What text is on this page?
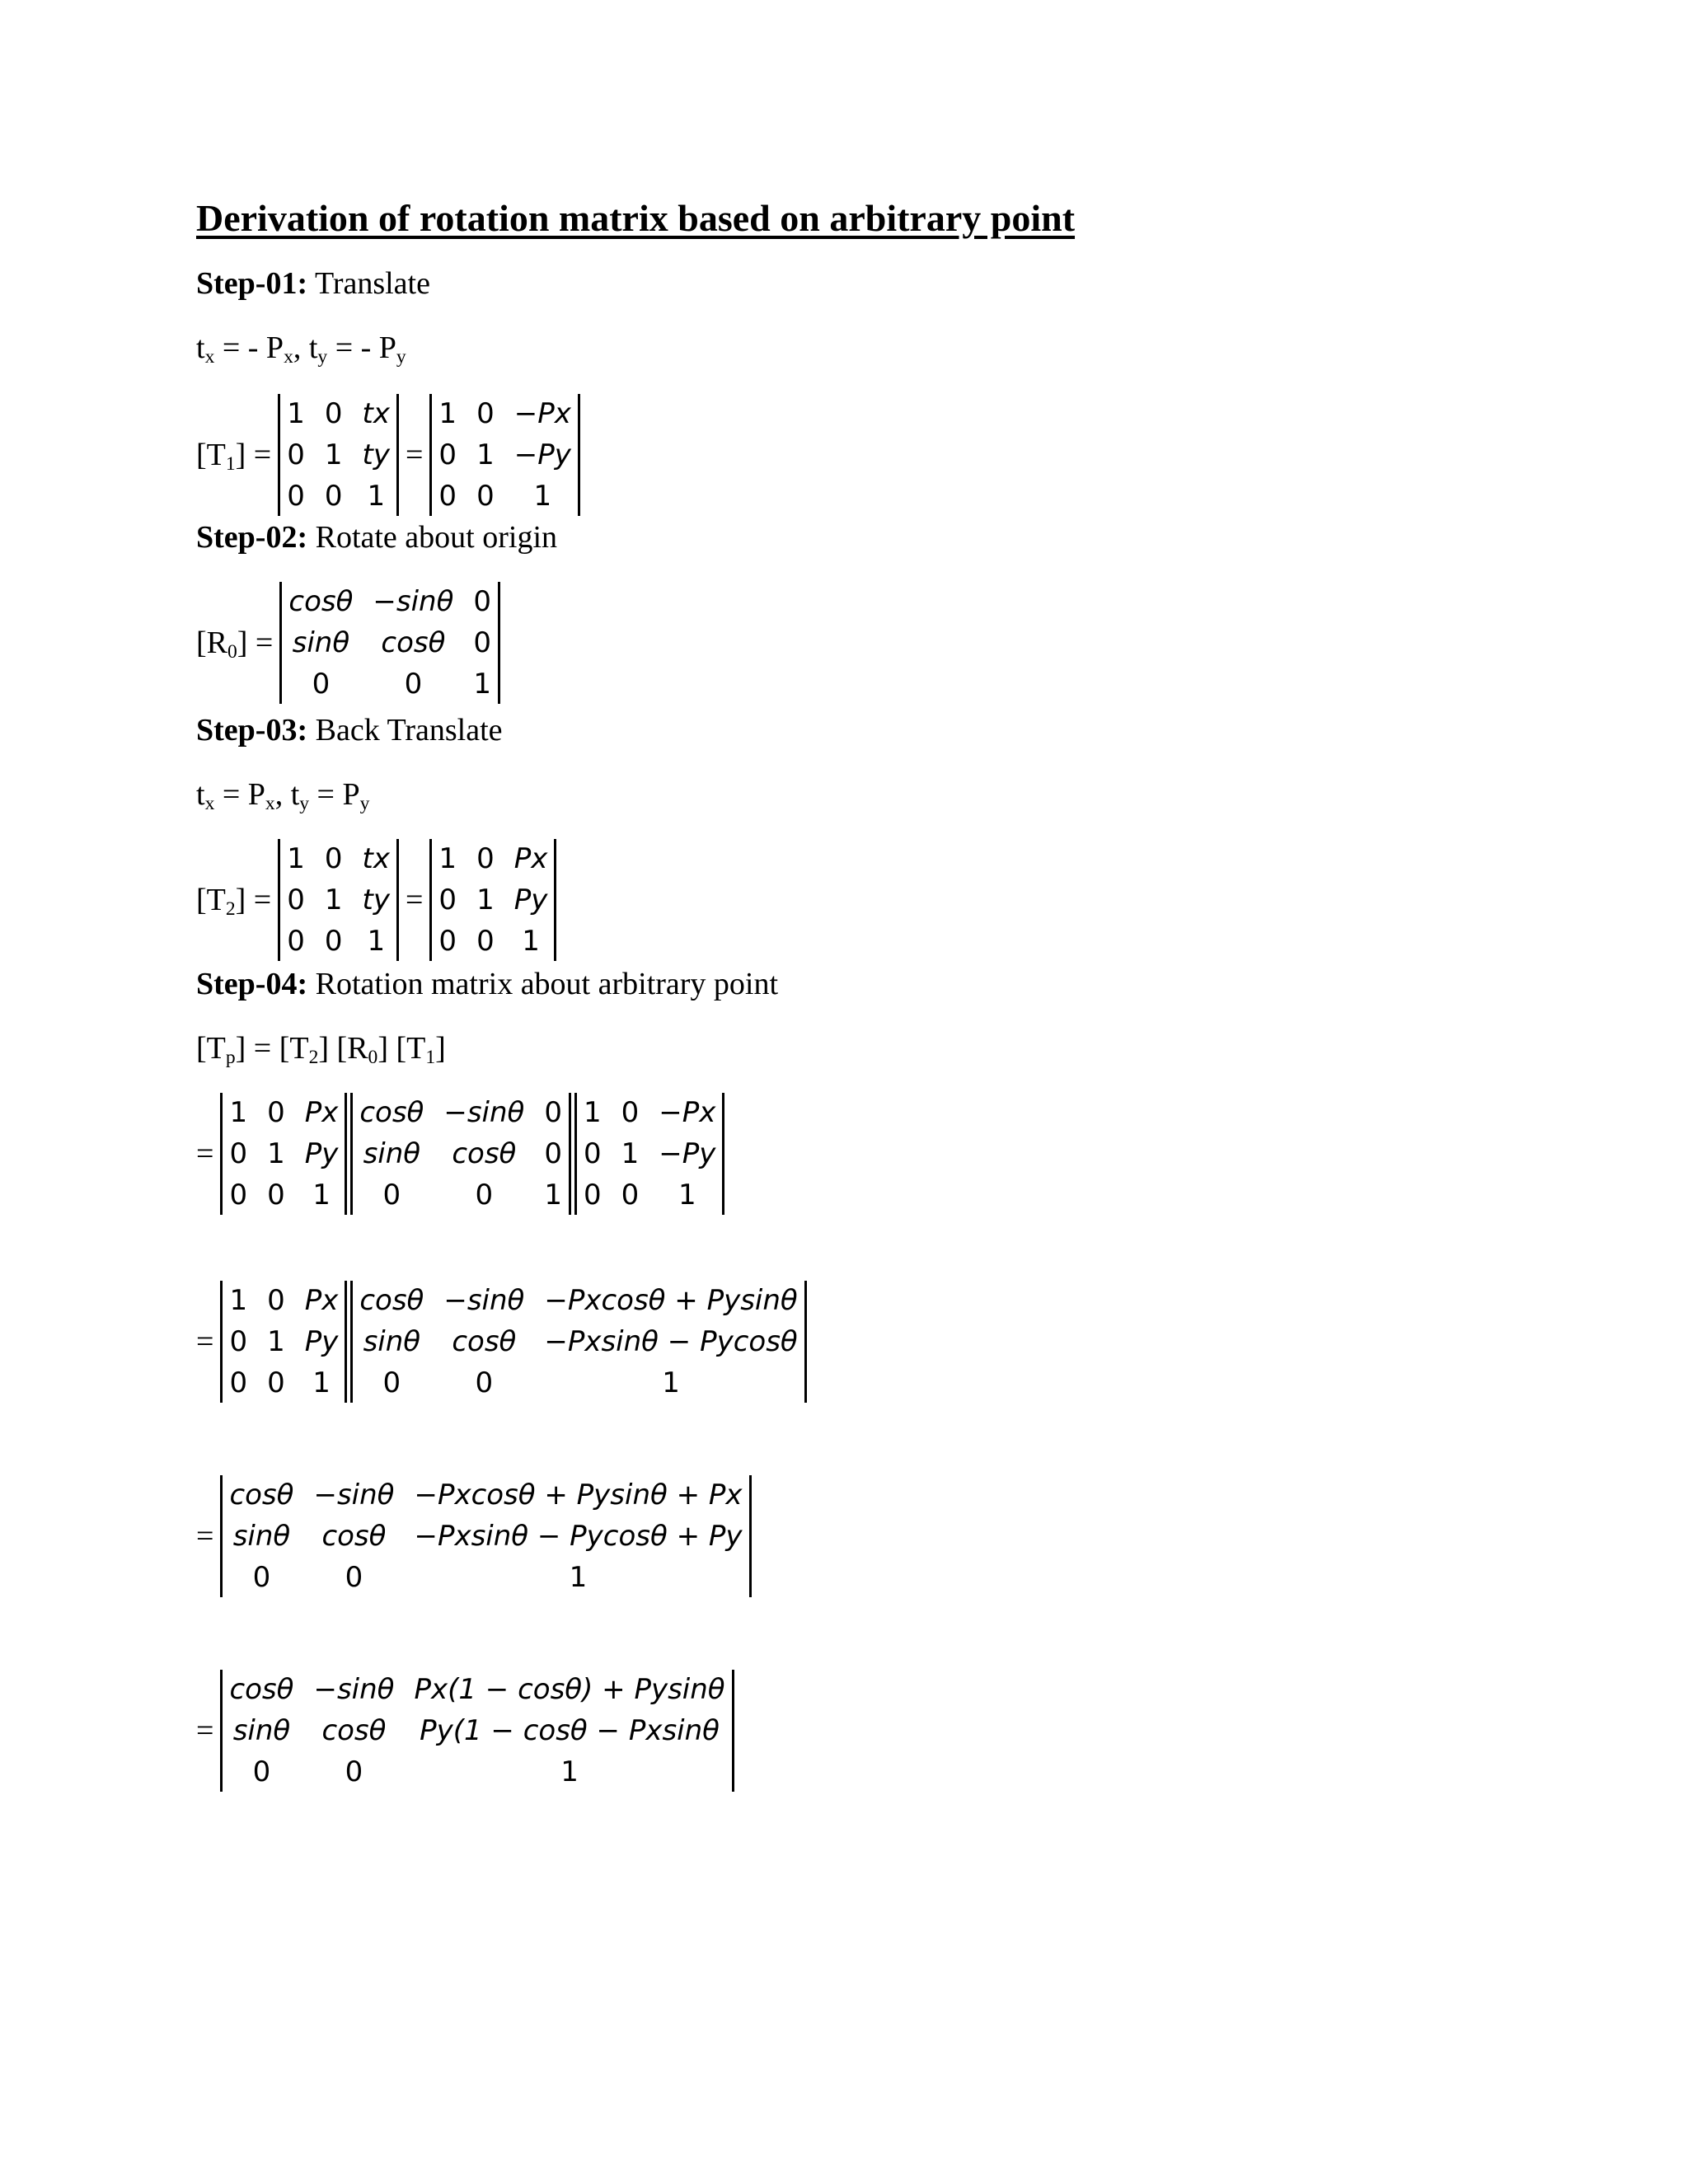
Derivation of rotation matrix based on arbitrary point
Step-01: Translate
$t_x$ = - $P_x$, $t_y$ = - $P_y$
$[T_1]$ =
1 0 tx
0 1 ty
0 0 1
=
1 0 −Px
0 1 −Py
0 0	1
Step-02: Rotate about origin
$[R_0]$ =
cosθ −sinθ 0
sinθ cosθ 0
0	0	1
Step-03: Back Translate
$t_x = P_x$, $t_y = P_y$
$[T_2]$ =
1 0 tx
0 1 ty
0 0 1
=
1 0 Px
0 1 Py
0 0 1
Step-04: Rotation matrix about arbitrary point
$[T_p] = [T_2]$ $[R_0]$ $[T_1]$
=
1 0 Px
0 1 Py
0 0 1
cosθ −sinθ 0
sinθ cosθ 0
0	0	1
1 0 −Px
0 1 −Py
0 0	1
=
1 0 Px
0 1 Py
0 0 1
cosθ −sinθ −Pxcosθ + Pysinθ
sinθ cosθ −Pxsinθ − Pycosθ
0	0	1
=
cosθ −sinθ −Pxcosθ + Pysinθ + Px
sinθ cosθ −Pxsinθ − Pycosθ + Py
0	0	1
=
cosθ −sinθ Px(1 − cosθ) + Pysinθ
sinθ cosθ Py(1 − cosθ − Pxsinθ
0	0	1
